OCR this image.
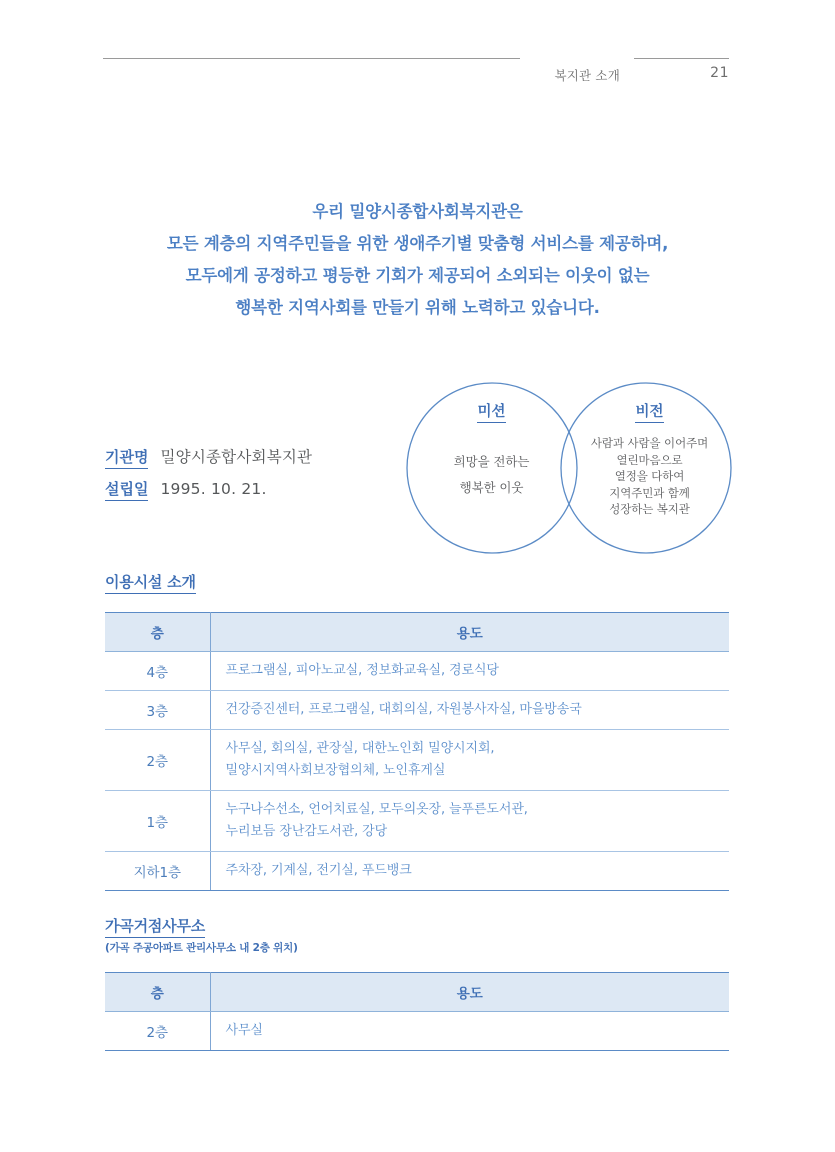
복지관 소개	21
우리 밀양시종합사회복지관은
모든 계층의 지역주민들을 위한 생애주기별 맞춤형 서비스를 제공하며,
모두에게 공정하고 평등한 기회가 제공되어 소외되는 이웃이 없는
행복한 지역사회를 만들기 위해 노력하고 있습니다.
기관명 밀양시종합사회복지관
설립일 1995. 10. 21.
미션
희망을 전하는
행복한 이웃
비전
사람과 사람을 이어주며
열린마음으로
열정을 다하여
지역주민과 함께
성장하는 복지관
이용시설 소개
층	용도
4층	프로그램실, 피아노교실, 정보화교육실, 경로식당

3층	건강증진센터, 프로그램실, 대회의실, 자원봉사자실, 마을방송국

2층	사무실, 회의실, 관장실, 대한노인회 밀양시지회,
밀양시지역사회보장협의체, 노인휴게실

1층	누구나수선소, 언어치료실, 모두의옷장, 늘푸른도서관,
누리보듬 장난감도서관, 강당

지하1층	주차장, 기계실, 전기실, 푸드뱅크
가곡거점사무소
(가곡 주공아파트 관리사무소 내 2층 위치)
층	용도
2층	사무실
